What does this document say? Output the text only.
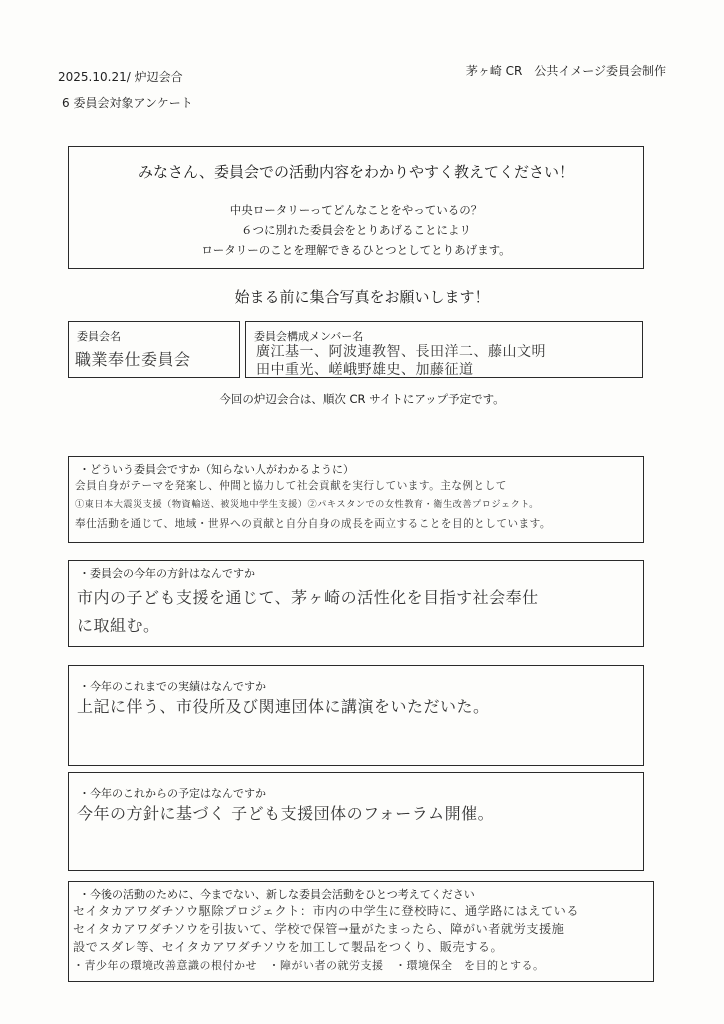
2025.10.21/ 炉辺会合
6 委員会対象アンケート
茅ヶ崎 CR　公共イメージ委員会制作
みなさん、委員会での活動内容をわかりやすく教えてください！
中央ロータリーってどんなことをやっているの？
６つに別れた委員会をとりあげることによリ
ロータリーのことを理解できるひとつとしてとりあげます。
始まる前に集合写真をお願いします！
委員会名
職業奉仕委員会
委員会構成メンバー名
廣江基一、阿波連教智、長田洋二、藤山文明
田中重光、嵯峨野雄史、加藤征道
今回の炉辺会合は、順次 CR サイトにアップ予定です。
・どういう委員会ですか（知らない人がわかるように）
会員自身がテーマを発案し、仲間と協力して社会貢献を実行しています。主な例として
①東日本大震災支援（物資輸送、被災地中学生支援）②パキスタンでの女性教育・衛生改善プロジェクト。
奉仕活動を通じて、地域・世界への貢献と自分自身の成長を両立することを目的としています。
・委員会の今年の方針はなんですか
市内の子ども支援を通じて、茅ヶ崎の活性化を目指す社会奉仕
に取組む。
・今年のこれまでの実績はなんですか
上記に伴う、市役所及び関連団体に講演をいただいた。
・今年のこれからの予定はなんですか
今年の方針に基づく 子ども支援団体のフォーラム開催。
・今後の活動のために、今までない、新しな委員会活動をひとつ考えてください
セイタカアワダチソウ駆除プロジェクト：市内の中学生に登校時に、通学路にはえている
セイタカアワダチソウを引抜いて、学校で保管→量がたまったら、障がい者就労支援施
設でスダレ等、セイタカアワダチソウを加工して製品をつくり、販売する。
・青少年の環境改善意識の根付かせ　・障がい者の就労支援　・環境保全　を目的とする。
